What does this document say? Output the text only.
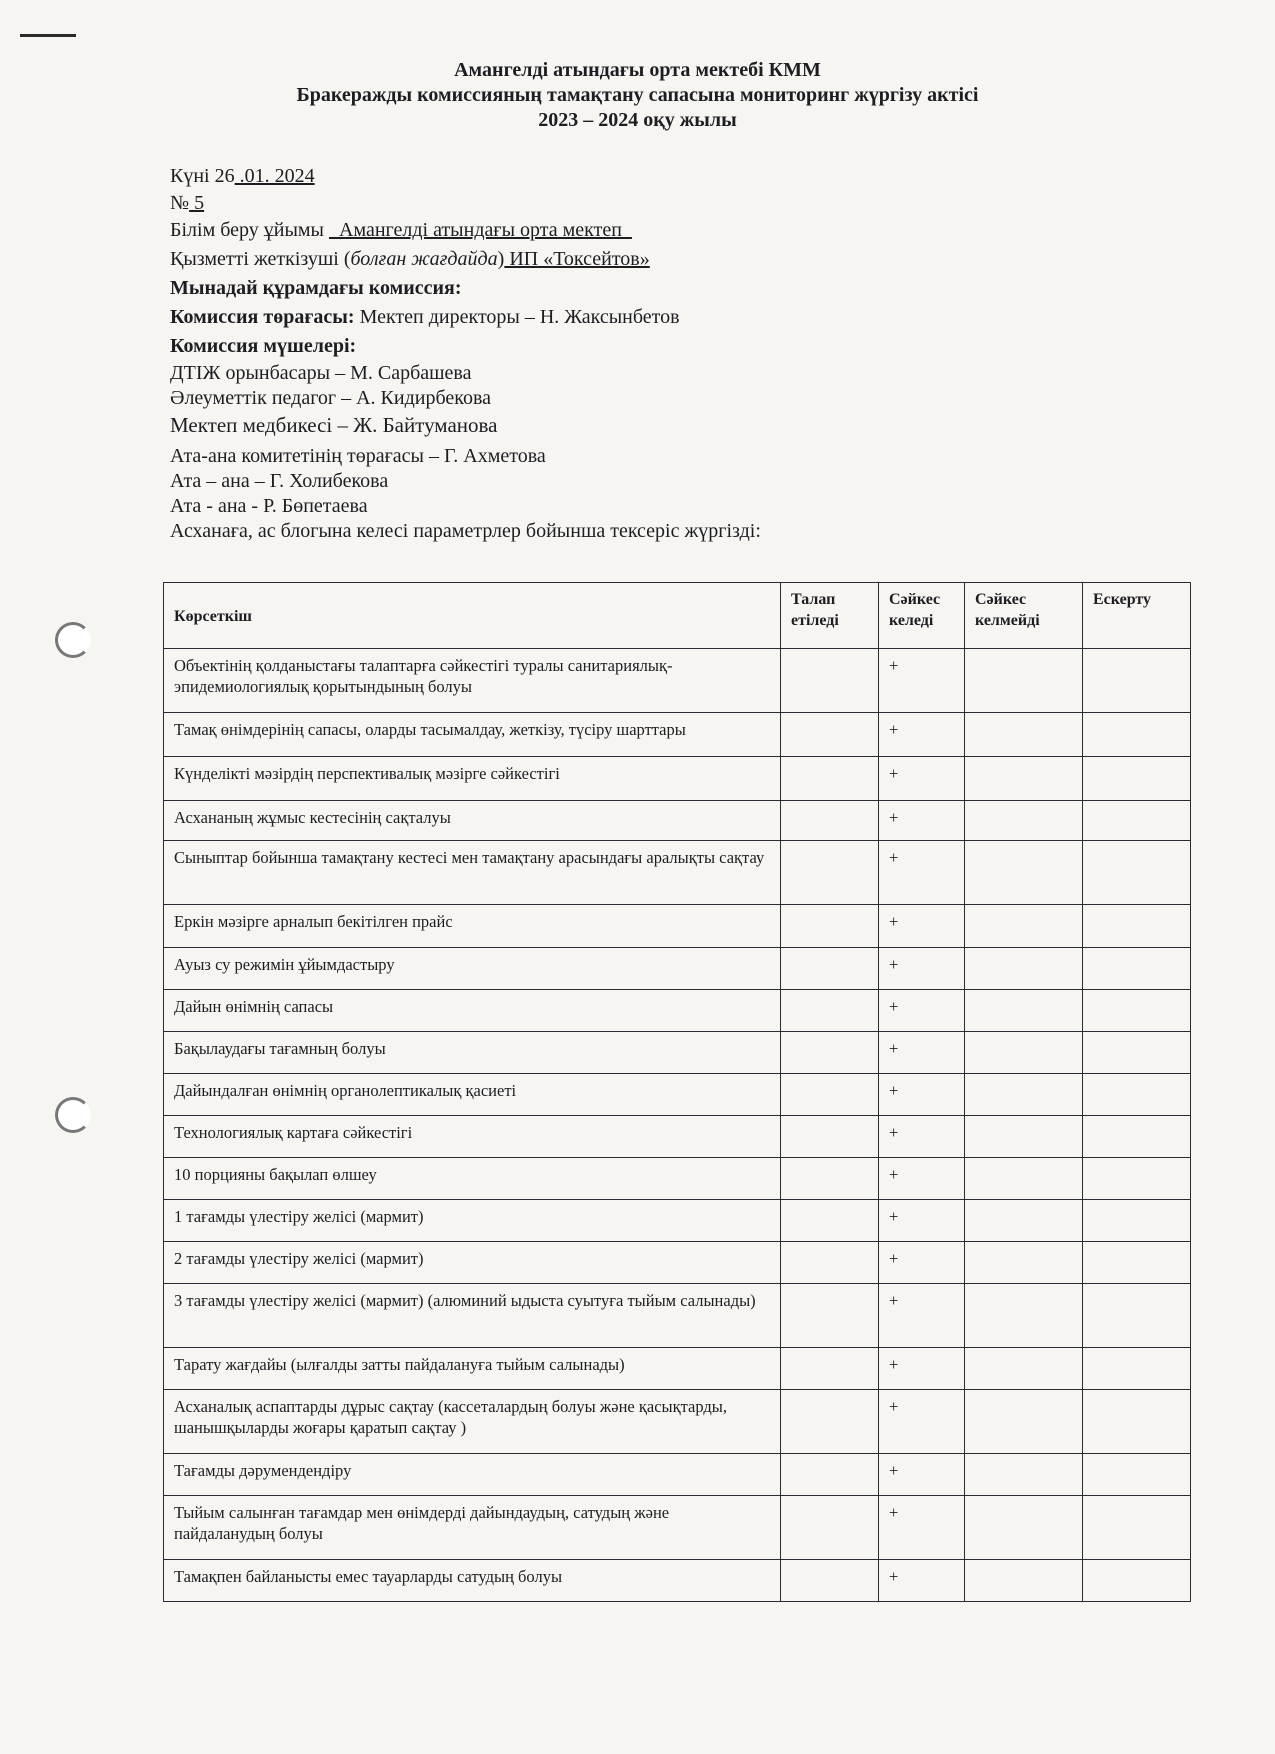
Амангелді атындағы орта мектебі КММ
Бракеражды комиссияның тамақтану сапасына мониторинг жүргізу актісі
2023 – 2024 оқу жылы
Күні 26 .01. 2024
№ 5
Білім беру ұйымы   Амангелді атындағы орта мектеп
Қызметті жеткізуші (болған жағдайда) ИП «Токсейтов»
Мынадай құрамдағы комиссия:
Комиссия төрағасы: Мектеп директоры – Н. Жаксынбетов
Комиссия мүшелері:
ДТІЖ орынбасары – М. Сарбашева
Әлеуметтік педагог – А. Кидирбекова
Мектеп медбикесі – Ж. Байтуманова
Ата-ана комитетінің төрағасы – Г. Ахметова
Ата – ана – Г. Холибекова
Ата - ана - Р. Бөпетаева
Асханаға, ас блогына келесі параметрлер бойынша тексеріс жүргізді:
Көрсеткіш	Талап етіледі	Сәйкес келеді	Сәйкес келмейді	Ескерту
Объектінің қолданыстағы талаптарға сәйкестігі туралы санитариялық-эпидемиологиялық қорытындының болуы		+		
Тамақ өнімдерінің сапасы, оларды тасымалдау, жеткізу, түсіру шарттары		+		
Күнделікті мәзірдің перспективалық мәзірге сәйкестігі		+		
Асхананың жұмыс кестесінің сақталуы		+		
Сыныптар бойынша тамақтану кестесі мен тамақтану арасындағы аралықты сақтау		+		
Еркін мәзірге арналып бекітілген прайс		+		
Ауыз су режимін ұйымдастыру		+		
Дайын өнімнің сапасы		+		
Бақылаудағы тағамның болуы		+		
Дайындалған өнімнің органолептикалық қасиеті		+		
Технологиялық картаға сәйкестігі		+		
10 порцияны бақылап өлшеу		+		
1 тағамды үлестіру желісі (мармит)		+		
2 тағамды үлестіру желісі (мармит)		+		
3 тағамды үлестіру желісі (мармит) (алюминий ыдыста суытуға тыйым салынады)		+		
Тарату жағдайы (ылғалды затты пайдалануға тыйым салынады)		+		
Асханалық аспаптарды дұрыс сақтау (кассеталардың болуы және қасықтарды, шанышқыларды жоғары қаратып сақтау )		+		
Тағамды дәрумендендіру		+		
Тыйым салынған тағамдар мен өнімдерді дайындаудың, сатудың және пайдаланудың болуы		+		
Тамақпен байланысты емес тауарларды сатудың болуы		+		
